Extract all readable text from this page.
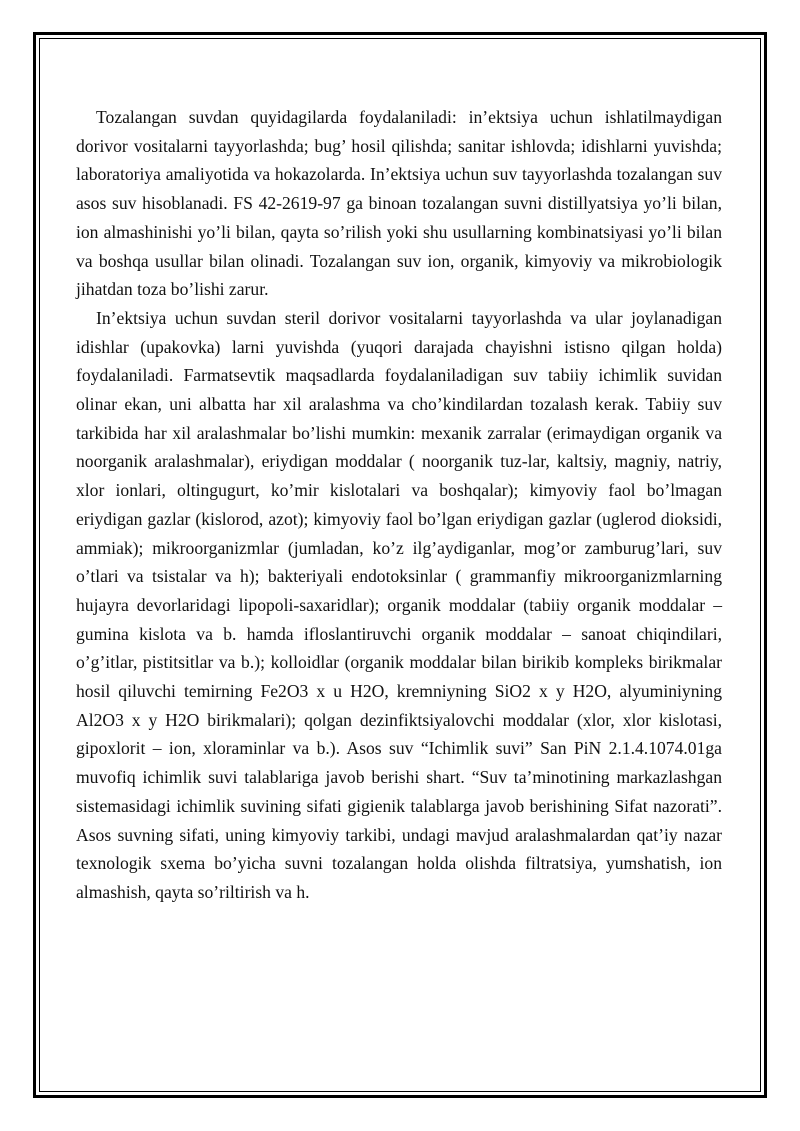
Tozalangan suvdan quyidagilarda foydalaniladi: in’ektsiya uchun ishlatilmaydigan dorivor vositalarni tayyorlashda; bug’ hosil qilishda; sanitar ishlovda; idishlarni yuvishda; laboratoriya amaliyotida va hokazolarda. In’ektsiya uchun suv tayyorlashda tozalangan suv asos suv hisoblanadi. FS 42-2619-97 ga binoan tozalangan suvni distillyatsiya yo’li bilan, ion almashinishi yo’li bilan, qayta so’rilish yoki shu usullarning kombinatsiyasi yo’li bilan va boshqa usullar bilan olinadi. Tozalangan suv ion, organik, kimyoviy va mikrobiologik jihatdan toza bo’lishi zarur.

In’ektsiya uchun suvdan steril dorivor vositalarni tayyorlashda va ular joylanadigan idishlar (upakovka) larni yuvishda (yuqori darajada chayishni istisno qilgan holda) foydalaniladi. Farmatsevtik maqsadlarda foydalaniladigan suv tabiiy ichimlik suvidan olinar ekan, uni albatta har xil aralashma va cho’kindilardan tozalash kerak. Tabiiy suv tarkibida har xil aralashmalar bo’lishi mumkin: mexanik zarralar (erimaydigan organik va noorganik aralashmalar), eriydigan moddalar ( noorganik tuz-lar, kaltsiy, magniy, natriy, xlor ionlari, oltingugurt, ko’mir kislotalari va boshqalar); kimyoviy faol bo’lmagan eriydigan gazlar (kislorod, azot); kimyoviy faol bo’lgan eriydigan gazlar (uglerod dioksidi, ammiak); mikroorganizmlar (jumladan, ko’z ilg’aydiganlar, mog’or zamburug’lari, suv o’tlari va tsistalar va h); bakteriyali endotoksinlar ( grammanfiy mikroorganizmlarning hujayra devorlaridagi lipopoli-saxaridlar); organik moddalar (tabiiy organik moddalar – gumina kislota va b. hamda ifloslantiruvchi organik moddalar – sanoat chiqindilari, o’g’itlar, pistitsitlar va b.); kolloidlar (organik moddalar bilan birikib kompleks birikmalar hosil qiluvchi temirning Fe2O3 x u H2O, kremniyning SiO2 x y H2O, alyuminiyning Al2O3 x y H2O birikmalari); qolgan dezinfiktsiyalovchi moddalar (xlor, xlor kislotasi, gipoxlorit – ion, xloraminlar va b.). Asos suv “Ichimlik suvi” San PiN 2.1.4.1074.01ga muvofiq ichimlik suvi talablariga javob berishi shart. “Suv ta’minotining markazlashgan sistemasidagi ichimlik suvining sifati gigienik talablarga javob berishining Sifat nazorati”. Asos suvning sifati, uning kimyoviy tarkibi, undagi mavjud aralashmalardan qat’iy nazar texnologik sxema bo’yicha suvni tozalangan holda olishda filtratsiya, yumshatish, ion almashish, qayta so’riltirish va h.
